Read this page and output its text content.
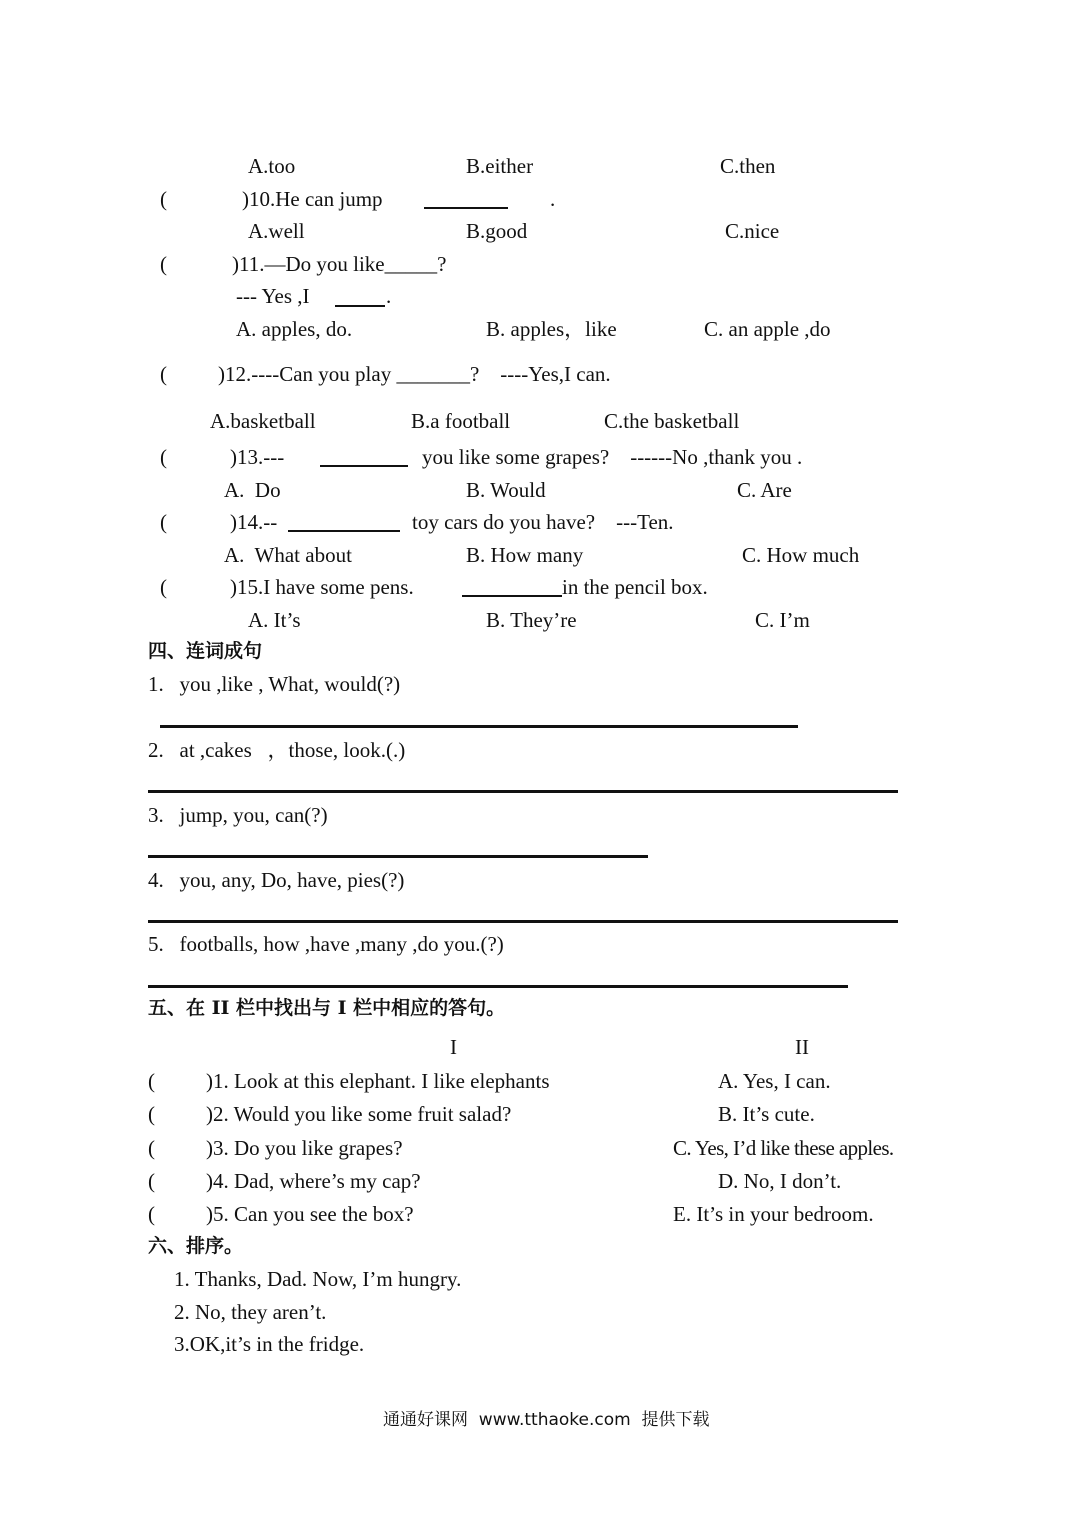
A.too	B.either	C.then
(	)10.He can jump	.
A.well	B.good	C.nice
(	)11.—Do you like_____?
--- Yes ,I	.
A. apples, do.	B. apples，like	C. an apple ,do
( )12.----Can you play _______?    ----Yes,I can.
A.basketball	B.a football	C.the basketball
(	)13.---	you like some grapes?    ------No ,thank you .
A.  Do	B. Would	C. Are
(	)14.--	toy cars do you have?    ---Ten.
A.  What about	B. How many	C. How much
(	)15.I have some pens.	in the pencil box.
A. It’s	B. They’re	C. I’m
四、连词成句
1.   you ,like , What, would(?)
2.   at ,cakes   ，those, look.(.)
3.   jump, you, can(?)
4.   you, any, Do, have, pies(?)
5.   footballs, how ,have ,many ,do you.(?)
五、在 II 栏中找出与 I 栏中相应的答句。
I	II
( )1. Look at this elephant. I like elephants	A. Yes, I can.
( )2. Would you like some fruit salad?	B. It’s cute.
( )3. Do you like grapes?	C. Yes, I’d like these apples.
( )4. Dad, where’s my cap?	D. No, I don’t.
( )5. Can you see the box?	E. It’s in your bedroom.
六、排序。
1. Thanks, Dad. Now, I’m hungry.
2. No, they aren’t.
3.OK,it’s in the fridge.
通通好课网  www.tthaoke.com  提供下载
